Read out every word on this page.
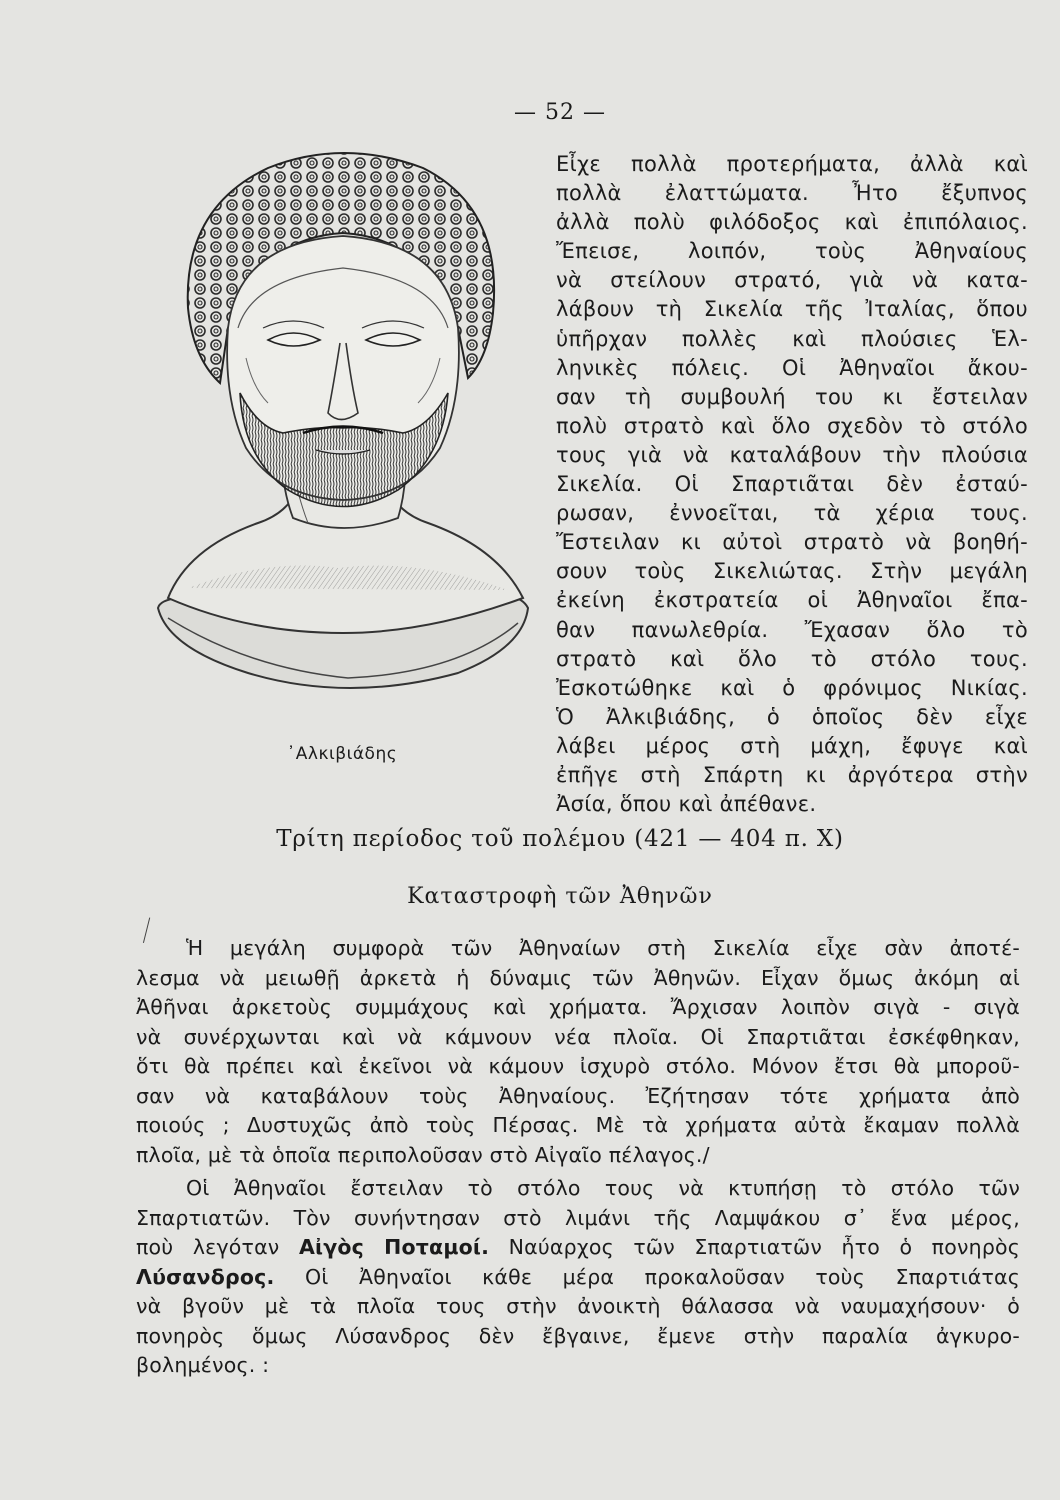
— 52 —
᾿Αλκιβιάδης
Εἶχε πολλὰ προτερήματα, ἀλλὰ καὶ
πολλὰ ἐλαττώματα. Ἦτο ἔξυπνος
ἀλλὰ πολὺ φιλόδοξος καὶ ἐπιπόλαιος.
Ἔπεισε, λοιπόν, τοὺς Ἀθηναίους
νὰ στείλουν στρατό, γιὰ νὰ κατα-
λάβουν τὴ Σικελία τῆς Ἰταλίας, ὅπου
ὑπῆρχαν πολλὲς καὶ πλούσιες Ἑλ-
ληνικὲς πόλεις. Οἱ Ἀθηναῖοι ἄκου-
σαν τὴ συμβουλή του κι ἔστειλαν
πολὺ στρατὸ καὶ ὅλο σχεδὸν τὸ στόλο
τους γιὰ νὰ καταλάβουν τὴν πλούσια
Σικελία. Οἱ Σπαρτιᾶται δὲν ἐσταύ-
ρωσαν, ἐννοεῖται, τὰ χέρια τους.
Ἔστειλαν κι αὐτοὶ στρατὸ νὰ βοηθή-
σουν τοὺς Σικελιώτας. Στὴν μεγάλη
ἐκείνη ἐκστρατεία οἱ Ἀθηναῖοι ἔπα-
θαν πανωλεθρία. Ἔχασαν ὅλο τὸ
στρατὸ καὶ ὅλο τὸ στόλο τους.
Ἐσκοτώθηκε καὶ ὁ φρόνιμος Νικίας.
Ὁ Ἀλκιβιάδης, ὁ ὁποῖος δὲν εἶχε
λάβει μέρος στὴ μάχη, ἔφυγε καὶ
ἐπῆγε στὴ Σπάρτη κι ἀργότερα στὴν
Ἀσία, ὅπου καὶ ἀπέθανε.
Τρίτη περίοδος τοῦ πολέμου (421 — 404 π. Χ)
Καταστροφὴ τῶν Ἀθηνῶν
Ἡ μεγάλη συμφορὰ τῶν Ἀθηναίων στὴ Σικελία εἶχε σὰν ἀποτέ-
λεσμα νὰ μειωθῇ ἀρκετὰ ἡ δύναμις τῶν Ἀθηνῶν. Εἶχαν ὅμως ἀκόμη αἱ
Ἀθῆναι ἀρκετοὺς συμμάχους καὶ χρήματα. Ἄρχισαν λοιπὸν σιγὰ - σιγὰ
νὰ συνέρχωνται καὶ νὰ κάμνουν νέα πλοῖα. Οἱ Σπαρτιᾶται ἐσκέφθηκαν,
ὅτι θὰ πρέπει καὶ ἐκεῖνοι νὰ κάμουν ἰσχυρὸ στόλο. Μόνον ἔτσι θὰ μποροῦ-
σαν νὰ καταβάλουν τοὺς Ἀθηναίους. Ἐζήτησαν τότε χρήματα ἀπὸ
ποιούς ; Δυστυχῶς ἀπὸ τοὺς Πέρσας. Μὲ τὰ χρήματα αὐτὰ ἔκαμαν πολλὰ
πλοῖα, μὲ τὰ ὁποῖα περιπολοῦσαν στὸ Αἰγαῖο πέλαγος./
Οἱ Ἀθηναῖοι ἔστειλαν τὸ στόλο τους νὰ κτυπήσῃ τὸ στόλο τῶν
Σπαρτιατῶν. Τὸν συνήντησαν στὸ λιμάνι τῆς Λαμψάκου σ᾿ ἕνα μέρος,
ποὺ λεγόταν Αἰγὸς Ποταμοί. Ναύαρχος τῶν Σπαρτιατῶν ἦτο ὁ πονηρὸς
Λύσανδρος. Οἱ Ἀθηναῖοι κάθε μέρα προκαλοῦσαν τοὺς Σπαρτιάτας
νὰ βγοῦν μὲ τὰ πλοῖα τους στὴν ἀνοικτὴ θάλασσα νὰ ναυμαχήσουν· ὁ
πονηρὸς ὅμως Λύσανδρος δὲν ἔβγαινε, ἔμενε στὴν παραλία ἀγκυρο-
βολημένος. :
